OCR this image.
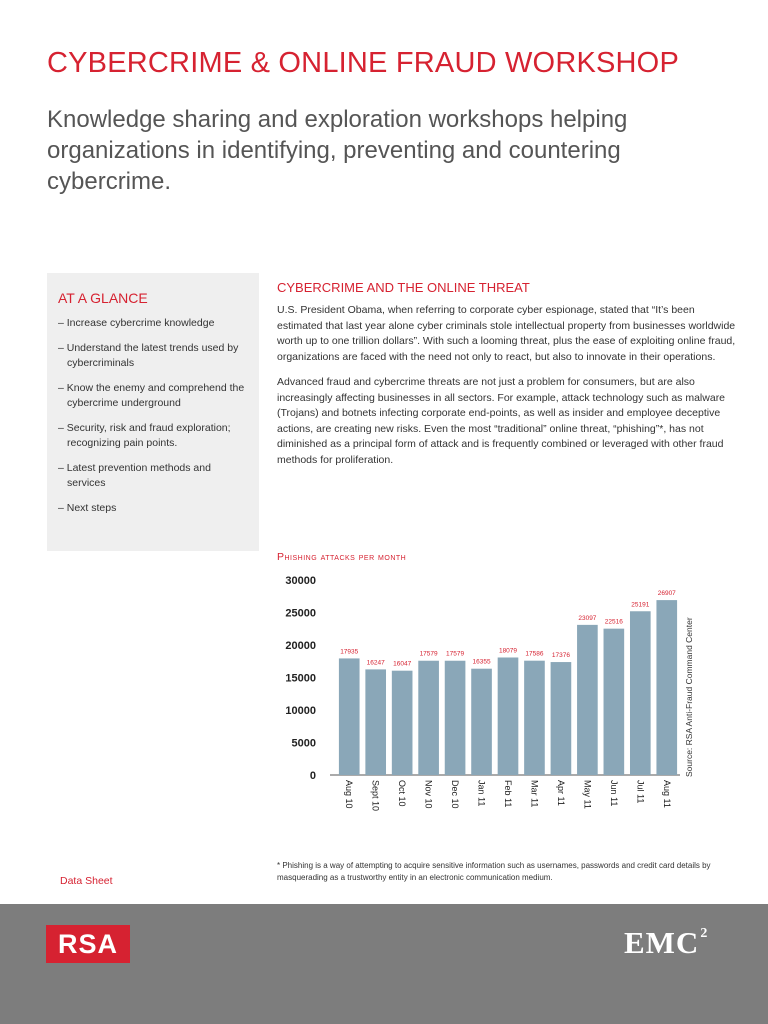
CYBERCRIME & ONLINE FRAUD WORKSHOP
Knowledge sharing and exploration workshops helping organizations in identifying, preventing and countering cybercrime.
AT A GLANCE
– Increase cybercrime knowledge
– Understand the latest trends used by cybercriminals
– Know the enemy and comprehend the cybercrime underground
– Security, risk and fraud exploration; recognizing pain points.
– Latest prevention methods and services
– Next steps
CYBERCRIME AND THE ONLINE THREAT

U.S. President Obama, when referring to corporate cyber espionage, stated that “It’s been estimated that last year alone cyber criminals stole intellectual property from businesses worldwide worth up to one trillion dollars”. With such a looming threat, plus the ease of exploiting online fraud, organizations are faced with the need not only to react, but also to innovate in their operations.

Advanced fraud and cybercrime threats are not just a problem for consumers, but are also increasingly affecting businesses in all sectors. For example, attack technology such as malware (Trojans) and botnets infecting corporate end-points, as well as insider and employee deceptive actions, are creating new risks. Even the most “traditional” online threat, “phishing”*, has not diminished as a principal form of attack and is frequently combined or leveraged with other fraud methods for proliferation.

Phishing attacks per month
0
5000
10000
15000
20000
25000
30000
17935
Aug 10
16247
Sept 10
16047
Oct 10
17579
Nov 10
17579
Dec 10
16355
Jan 11
18079
Feb 11
17586
Mar 11
17376
Apr 11
23097
May 11
22516
Jun 11
25191
Jul 11
26907
Aug 11
Source: RSA Anti-Fraud Command Center

* Phishing is a way of attempting to acquire sensitive information such as usernames, passwords and credit card details by masquerading as a trustworthy entity in an electronic communication medium.

Data Sheet
RSA	EMC$^2$
